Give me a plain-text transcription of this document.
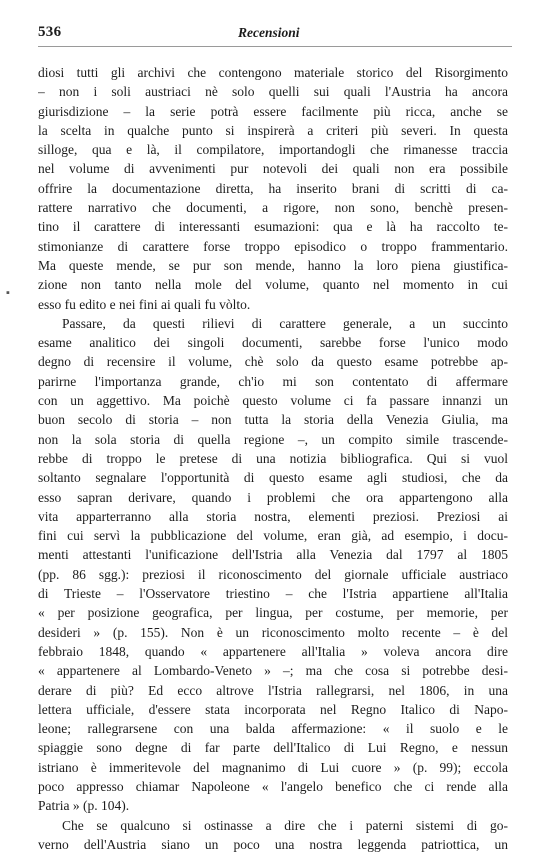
536	Recensioni
▪
diosi tutti gli archivi che contengono materiale storico del Risorgimento
– non i soli austriaci nè solo quelli sui quali l'Austria ha ancora
giurisdizione – la serie potrà essere facilmente più ricca, anche se
la scelta in qualche punto si inspirerà a criteri più severi. In questa
silloge, qua e là, il compilatore, importandogli che rimanesse traccia
nel volume di avvenimenti pur notevoli dei quali non era possibile
offrire la documentazione diretta, ha inserito brani di scritti di ca-
rattere narrativo che documenti, a rigore, non sono, benchè presen-
tino il carattere di interessanti esumazioni: qua e là ha raccolto te-
stimonianze di carattere forse troppo episodico o troppo frammentario.
Ma queste mende, se pur son mende, hanno la loro piena giustifica-
zione non tanto nella mole del volume, quanto nel momento in cui
esso fu edito e nei fini ai quali fu vòlto.
Passare, da questi rilievi di carattere generale, a un succinto
esame analitico dei singoli documenti, sarebbe forse l'unico modo
degno di recensire il volume, chè solo da questo esame potrebbe ap-
parirne l'importanza grande, ch'io mi son contentato di affermare
con un aggettivo. Ma poichè questo volume ci fa passare innanzi un
buon secolo di storia – non tutta la storia della Venezia Giulia, ma
non la sola storia di quella regione –, un compito simile trascende-
rebbe di troppo le pretese di una notizia bibliografica. Qui si vuol
soltanto segnalare l'opportunità di questo esame agli studiosi, che da
esso sapran derivare, quando i problemi che ora appartengono alla
vita apparterranno alla storia nostra, elementi preziosi. Preziosi ai
fini cui servì la pubblicazione del volume, eran già, ad esempio, i docu-
menti attestanti l'unificazione dell'Istria alla Venezia dal 1797 al 1805
(pp. 86 sgg.): preziosi il riconoscimento del giornale ufficiale austriaco
di Trieste – l'Osservatore triestino – che l'Istria appartiene all'Italia
« per posizione geografica, per lingua, per costume, per memorie, per
desideri » (p. 155). Non è un riconoscimento molto recente – è del
febbraio 1848, quando « appartenere all'Italia » voleva ancora dire
« appartenere al Lombardo-Veneto » –; ma che cosa si potrebbe desi-
derare di più? Ed ecco altrove l'Istria rallegrarsi, nel 1806, in una
lettera ufficiale, d'essere stata incorporata nel Regno Italico di Napo-
leone; rallegrarsene con una balda affermazione: « il suolo e le
spiaggie sono degne di far parte dell'Italico di Lui Regno, e nessun
istriano è immeritevole del magnanimo di Lui cuore » (p. 99); eccola
poco appresso chiamar Napoleone « l'angelo benefico che ci rende alla
Patria » (p. 104).
Che se qualcuno si ostinasse a dire che i paterni sistemi di go-
verno dell'Austria siano un poco una nostra leggenda patriottica, un
